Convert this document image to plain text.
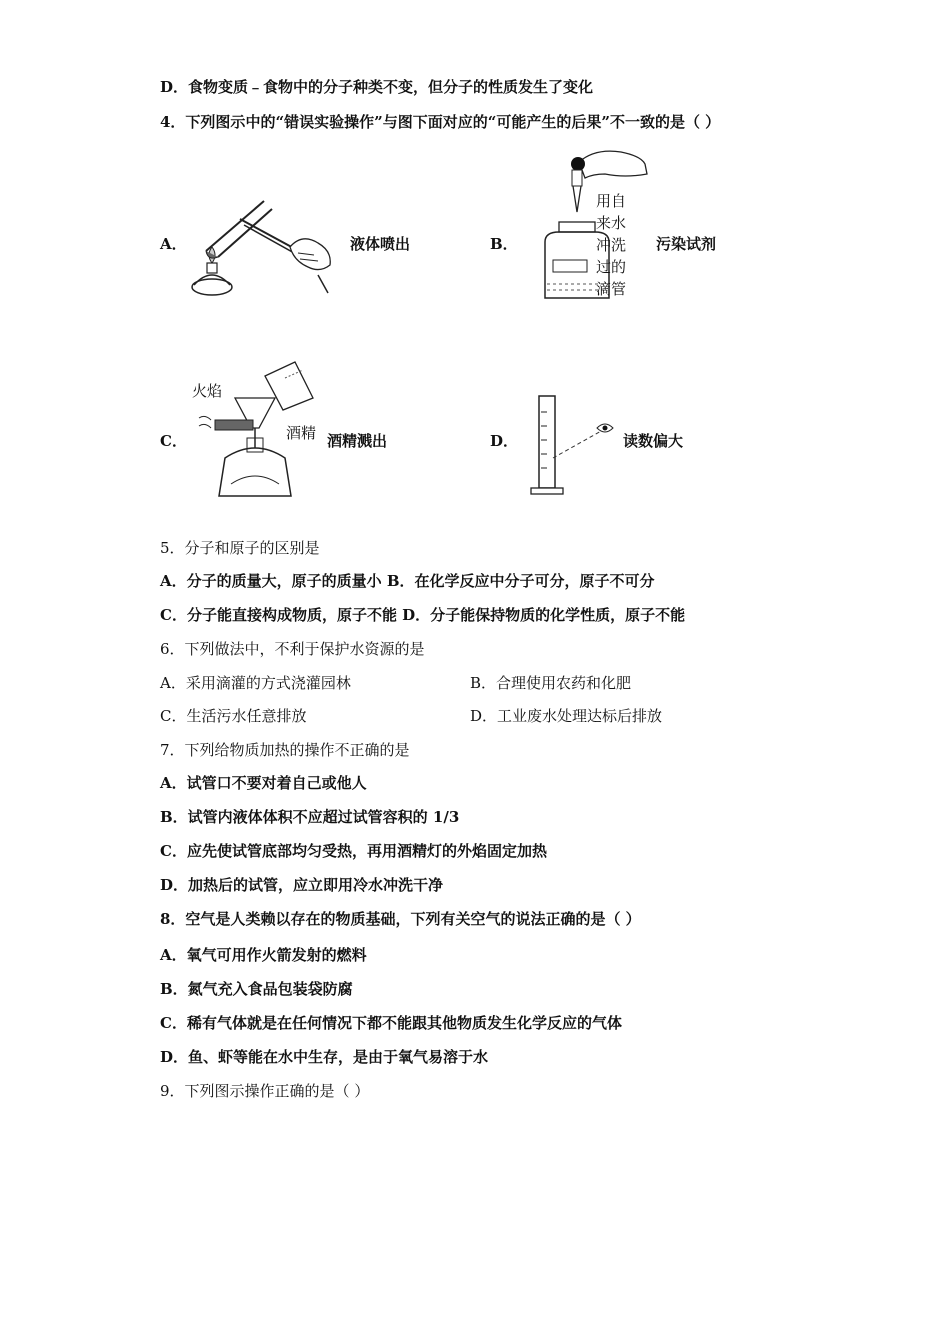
D．食物变质﹣食物中的分子种类不变，但分子的性质发生了变化
4．下列图示中的“错误实验操作”与图下面对应的“可能产生的后果”不一致的是（ ）
A．	液体喷出	B．
用自
来水
冲洗
过的
滴管
污染试剂
C．
火焰
酒精 酒精溅出	D．	读数偏大
5．分子和原子的区别是
A．分子的质量大，原子的质量小 B．在化学反应中分子可分，原子不可分
C．分子能直接构成物质，原子不能 D．分子能保持物质的化学性质，原子不能
6．下列做法中，不利于保护水资源的是
A．采用滴灌的方式浇灌园林	B．合理使用农药和化肥
C．生活污水任意排放	D．工业废水处理达标后排放
7．下列给物质加热的操作不正确的是
A．试管口不要对着自己或他人
B．试管内液体体积不应超过试管容积的 1/3
C．应先使试管底部均匀受热，再用酒精灯的外焰固定加热
D．加热后的试管，应立即用冷水冲洗干净
8．空气是人类赖以存在的物质基础，下列有关空气的说法正确的是（ ）
A．氧气可用作火箭发射的燃料
B．氮气充入食品包装袋防腐
C．稀有气体就是在任何情况下都不能跟其他物质发生化学反应的气体
D．鱼、虾等能在水中生存，是由于氧气易溶于水
9．下列图示操作正确的是（ ）
